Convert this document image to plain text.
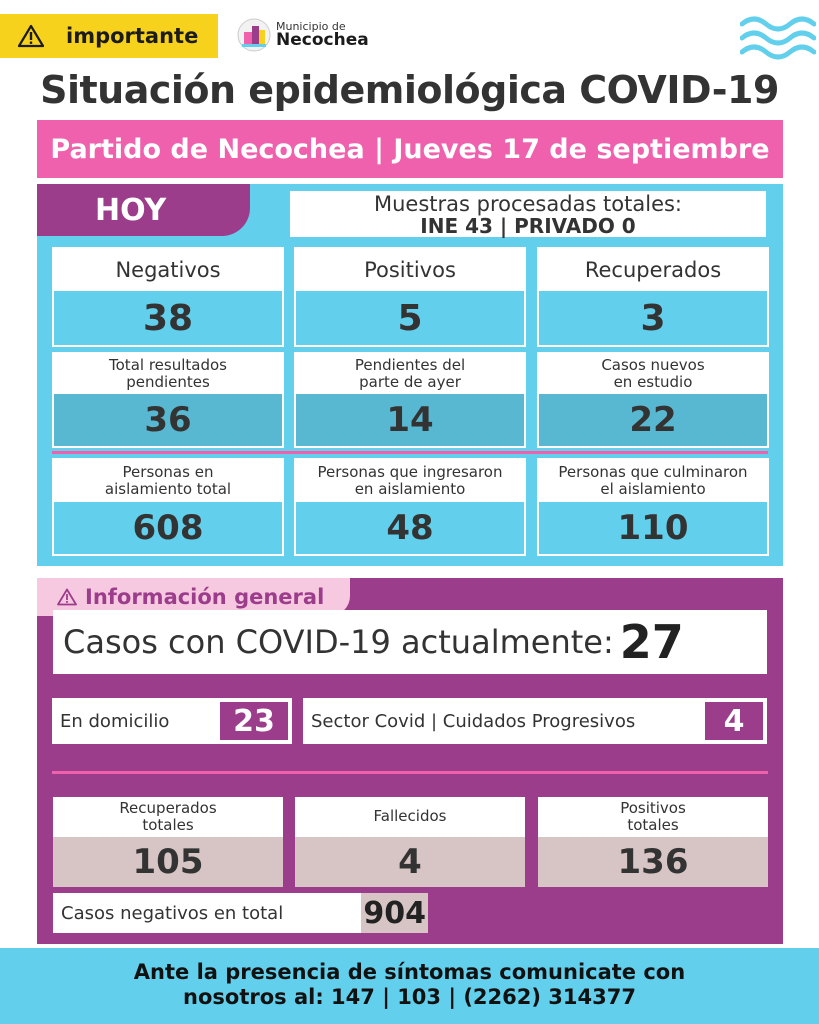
importante	Municipio de
Necochea
Situación epidemiológica COVID-19
Partido de Necochea | Jueves 17 de septiembre
HOY	Muestras procesadas totales:
INE 43 | PRIVADO 0
Negativos
38
Positivos
5
Recuperados
3
Total resultados
pendientes
36
Pendientes del
parte de ayer
14
Casos nuevos
en estudio
22
Personas en
aislamiento total
608
Personas que ingresaron
en aislamiento
48
Personas que culminaron
el aislamiento
110
Información general
Casos con COVID-19 actualmente: 27
En domicilio	23	Sector Covid | Cuidados Progresivos	4
Recuperados
totales
105
Fallecidos
4
Positivos
totales
136
Casos negativos en total	904
Ante la presencia de síntomas comunicate con
nosotros al: 147 | 103 | (2262) 314377
